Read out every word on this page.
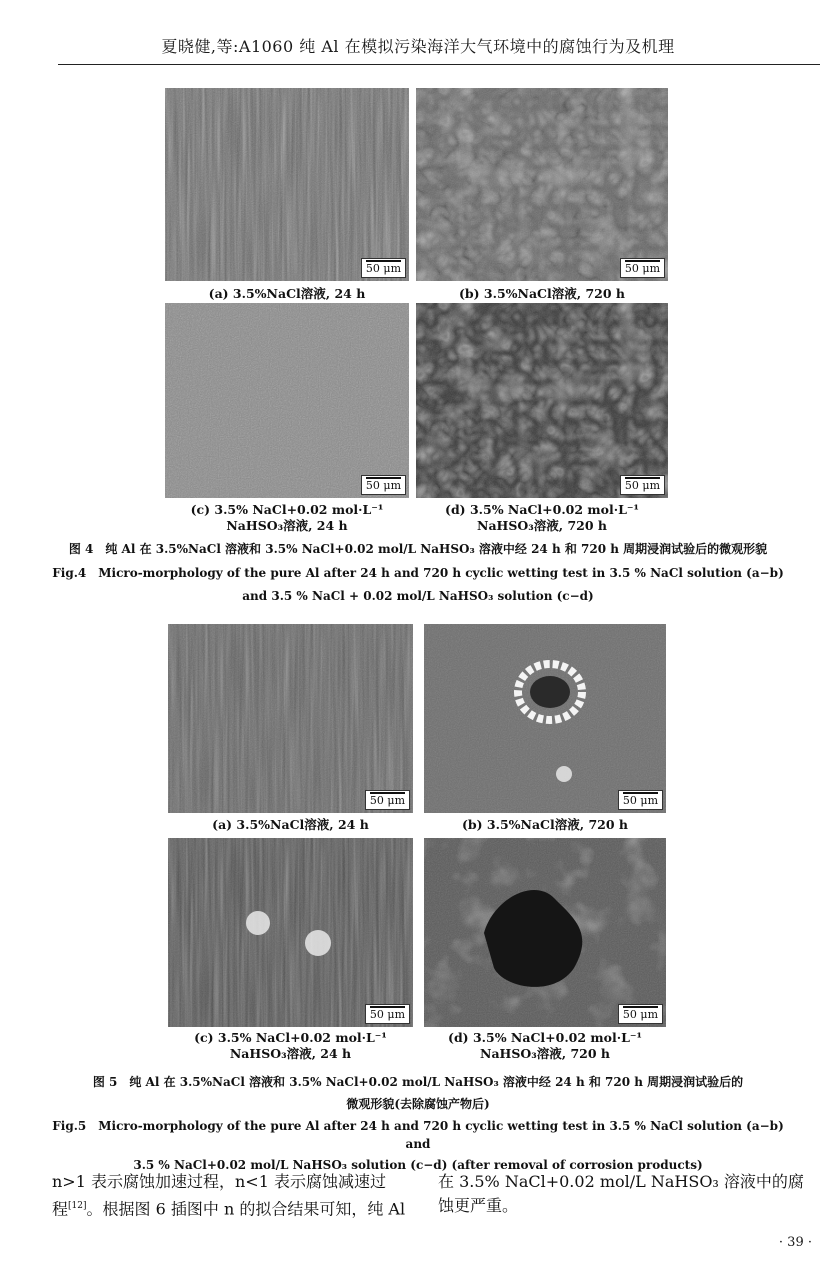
夏晓健,等:A1060 纯 Al 在模拟污染海洋大气环境中的腐蚀行为及机理
50 μm	50 μm
(a) 3.5%NaCl溶液, 24 h	(b) 3.5%NaCl溶液, 720 h
50 μm	50 μm
(c) 3.5% NaCl+0.02 mol·L⁻¹
NaHSO₃溶液, 24 h
(d) 3.5% NaCl+0.02 mol·L⁻¹
NaHSO₃溶液, 720 h
图 4　纯 Al 在 3.5%NaCl 溶液和 3.5% NaCl+0.02 mol/L NaHSO₃ 溶液中经 24 h 和 720 h 周期浸润试验后的微观形貌
Fig.4　Micro-morphology of the pure Al after 24 h and 720 h cyclic wetting test in 3.5 % NaCl solution (a−b)
and 3.5 % NaCl + 0.02 mol/L NaHSO₃ solution (c−d)
50 μm	50 μm
(a) 3.5%NaCl溶液, 24 h	(b) 3.5%NaCl溶液, 720 h
50 μm	50 μm
(c) 3.5% NaCl+0.02 mol·L⁻¹
NaHSO₃溶液, 24 h
(d) 3.5% NaCl+0.02 mol·L⁻¹
NaHSO₃溶液, 720 h
图 5　纯 Al 在 3.5%NaCl 溶液和 3.5% NaCl+0.02 mol/L NaHSO₃ 溶液中经 24 h 和 720 h 周期浸润试验后的
微观形貌(去除腐蚀产物后)
Fig.5　Micro-morphology of the pure Al after 24 h and 720 h cyclic wetting test in 3.5 % NaCl solution (a−b) and
3.5 % NaCl+0.02 mol/L NaHSO₃ solution (c−d) (after removal of corrosion products)
n>1 表示腐蚀加速过程，n<1 表示腐蚀减速过
程[12]。根据图 6 插图中 n 的拟合结果可知，纯 Al
在 3.5% NaCl+0.02 mol/L NaHSO₃ 溶液中的腐
蚀更严重。
· 39 ·
